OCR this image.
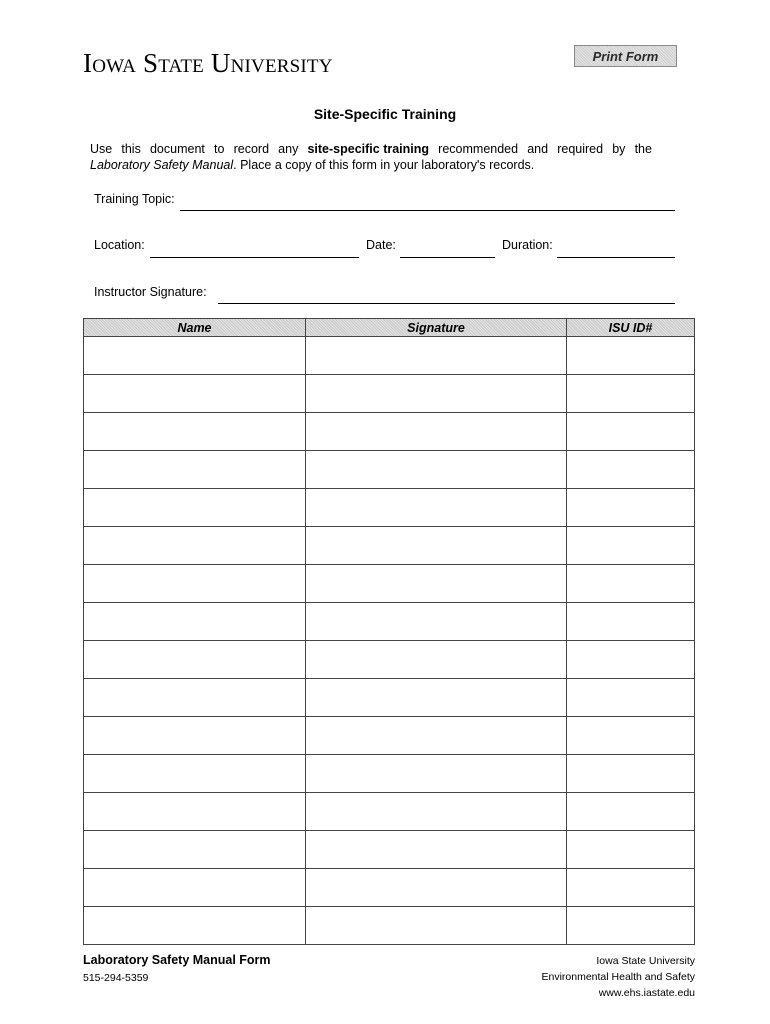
Iowa State University	Print Form
Site-Specific Training
Use this document to record any site-specific training recommended and required by the
Laboratory Safety Manual. Place a copy of this form in your laboratory's records.
Training Topic:
Location:	Date:	Duration:
Instructor Signature:
Name	Signature	ISU ID#

Laboratory Safety Manual Form
515-294-5359
Iowa State University
Environmental Health and Safety
www.ehs.iastate.edu
